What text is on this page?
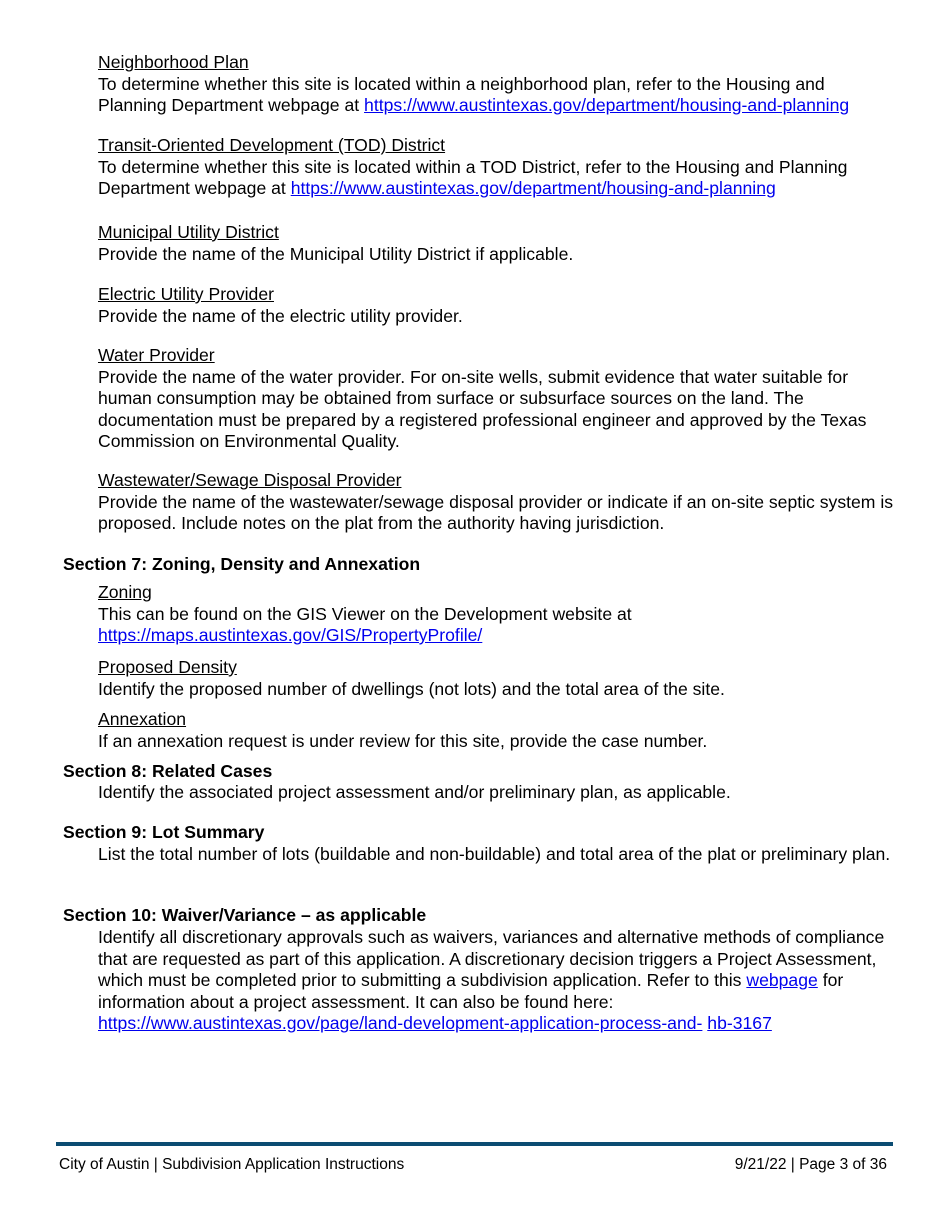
Neighborhood Plan

To determine whether this site is located within a neighborhood plan, refer to the Housing and Planning Department webpage at https://www.austintexas.gov/department/housing-and-planning

Transit-Oriented Development (TOD) District

To determine whether this site is located within a TOD District, refer to the Housing and Planning Department webpage at https://www.austintexas.gov/department/housing-and-planning

Municipal Utility District

Provide the name of the Municipal Utility District if applicable.

Electric Utility Provider

Provide the name of the electric utility provider.

Water Provider

Provide the name of the water provider. For on-site wells, submit evidence that water suitable for human consumption may be obtained from surface or subsurface sources on the land. The documentation must be prepared by a registered professional engineer and approved by the Texas Commission on Environmental Quality.

Wastewater/Sewage Disposal Provider

Provide the name of the wastewater/sewage disposal provider or indicate if an on-site septic system is proposed. Include notes on the plat from the authority having jurisdiction.

Section 7: Zoning, Density and Annexation

Zoning

This can be found on the GIS Viewer on the Development website at

https://maps.austintexas.gov/GIS/PropertyProfile/

Proposed Density

Identify the proposed number of dwellings (not lots) and the total area of the site.

Annexation

If an annexation request is under review for this site, provide the case number.

Section 8: Related Cases

Identify the associated project assessment and/or preliminary plan, as applicable.

Section 9: Lot Summary

List the total number of lots (buildable and non-buildable) and total area of the plat or preliminary plan.

Section 10: Waiver/Variance – as applicable

Identify all discretionary approvals such as waivers, variances and alternative methods of compliance that are requested as part of this application. A discretionary decision triggers a Project Assessment, which must be completed prior to submitting a subdivision application. Refer to this webpage for information about a project assessment. It can also be found here:

https://www.austintexas.gov/page/land-development-application-process-and- hb-3167

City of Austin | Subdivision Application Instructions	9/21/22 | Page 3 of 36
